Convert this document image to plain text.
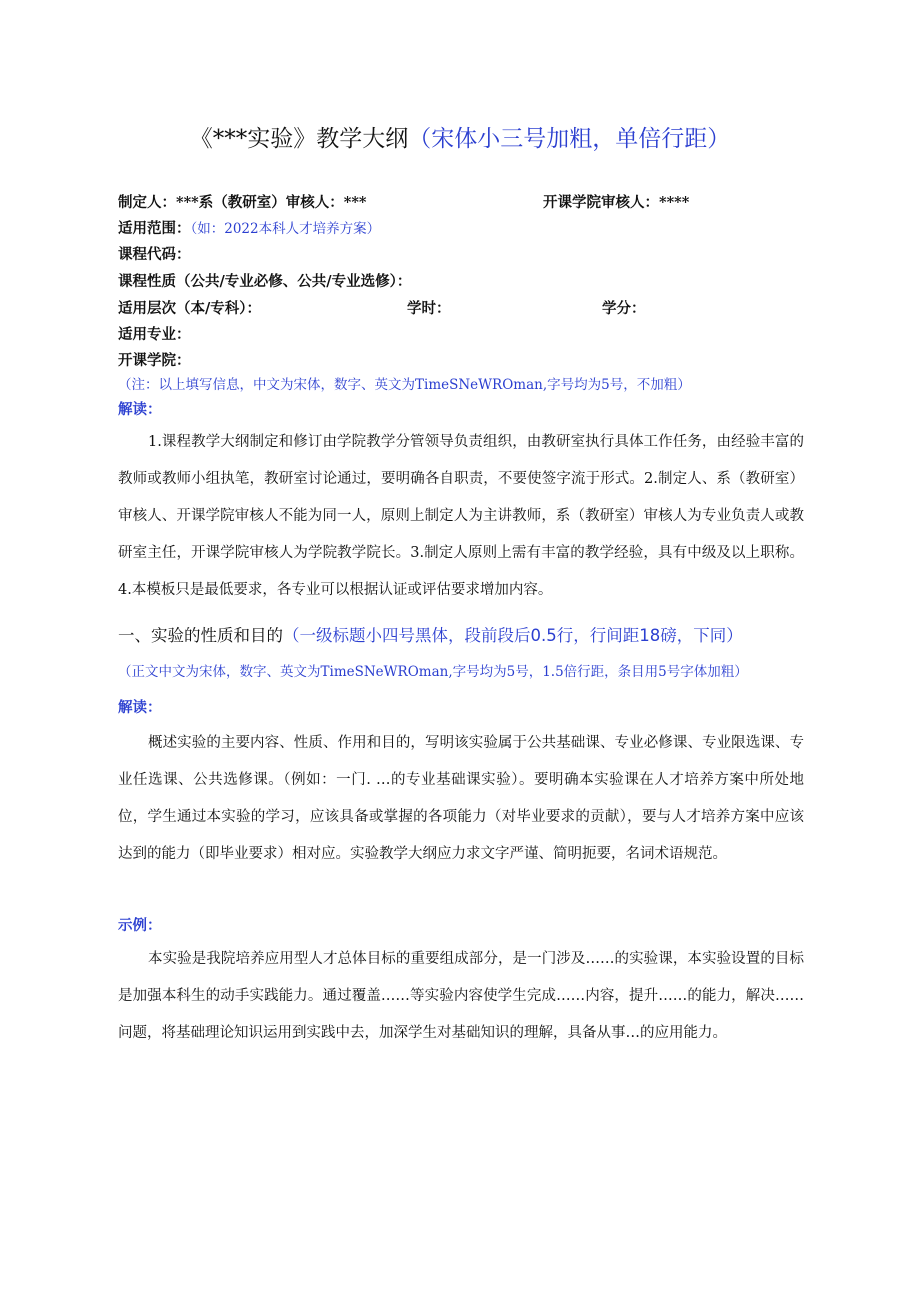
《***实验》教学大纲（宋体小三号加粗，单倍行距）
制定人：***系（教研室）审核人：***	开课学院审核人：****
适用范围：（如：2022本科人才培养方案）
课程代码：
课程性质（公共/专业必修、公共/专业选修）：
适用层次（本/专科）：	学时：	学分：
适用专业：
开课学院：
（注：以上填写信息，中文为宋体，数字、英文为TimeSNeWROman,字号均为5号，不加粗）
解读：
1.课程教学大纲制定和修订由学院教学分管领导负责组织，由教研室执行具体工作任务，由经验丰富的教师或教师小组执笔，教研室讨论通过，要明确各自职责，不要使签字流于形式。2.制定人、系（教研室）审核人、开课学院审核人不能为同一人，原则上制定人为主讲教师，系（教研室）审核人为专业负责人或教研室主任，开课学院审核人为学院教学院长。3.制定人原则上需有丰富的教学经验，具有中级及以上职称。4.本模板只是最低要求，各专业可以根据认证或评估要求增加内容。
一、实验的性质和目的（一级标题小四号黑体，段前段后0.5行，行间距18磅，下同）
（正文中文为宋体，数字、英文为TimeSNeWROman,字号均为5号，1.5倍行距，条目用5号字体加粗）
解读：
概述实验的主要内容、性质、作用和目的，写明该实验属于公共基础课、专业必修课、专业限选课、专业任选课、公共选修课。（例如：一门. …的专业基础课实验）。要明确本实验课在人才培养方案中所处地位，学生通过本实验的学习，应该具备或掌握的各项能力（对毕业要求的贡献），要与人才培养方案中应该达到的能力（即毕业要求）相对应。实验教学大纲应力求文字严谨、简明扼要，名词术语规范。
示例：
本实验是我院培养应用型人才总体目标的重要组成部分，是一门涉及……的实验课，本实验设置的目标是加强本科生的动手实践能力。通过覆盖……等实验内容使学生完成……内容，提升……的能力，解决……问题，将基础理论知识运用到实践中去，加深学生对基础知识的理解，具备从事…的应用能力。
